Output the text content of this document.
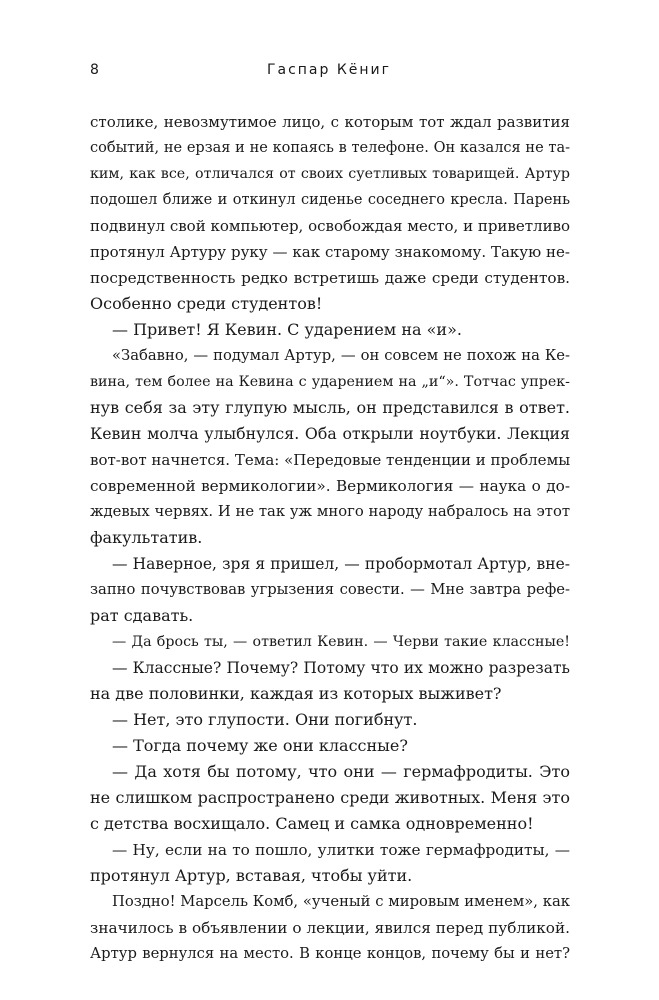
8	Гаспар Кёниг
столике, невозмутимое лицо, с которым тот ждал развития
событий, не ерзая и не копаясь в телефоне. Он казался не та-
ким, как все, отличался от своих суетливых товарищей. Артур
подошел ближе и откинул сиденье соседнего кресла. Парень
подвинул свой компьютер, освобождая место, и приветливо
протянул Артуру руку — как старому знакомому. Такую не-
посредственность редко встретишь даже среди студентов.
Особенно среди студентов!
— Привет! Я Кевин. С ударением на «и».
«Забавно, — подумал Артур, — он совсем не похож на Ке-
вина, тем более на Кевина с ударением на „и“». Тотчас упрек-
нув себя за эту глупую мысль, он представился в ответ.
Кевин молча улыбнулся. Оба открыли ноутбуки. Лекция
вот-вот начнется. Тема: «Передовые тенденции и проблемы
современной вермикологии». Вермикология — наука о до-
ждевых червях. И не так уж много народу набралось на этот
факультатив.
— Наверное, зря я пришел, — пробормотал Артур, вне-
запно почувствовав угрызения совести. — Мне завтра рефе-
рат сдавать.
— Да брось ты, — ответил Кевин. — Черви такие классные!
— Классные? Почему? Потому что их можно разрезать
на две половинки, каждая из которых выживет?
— Нет, это глупости. Они погибнут.
— Тогда почему же они классные?
— Да хотя бы потому, что они — гермафродиты. Это
не слишком распространено среди животных. Меня это
с детства восхищало. Самец и самка одновременно!
— Ну, если на то пошло, улитки тоже гермафродиты, —
протянул Артур, вставая, чтобы уйти.
Поздно! Марсель Комб, «ученый с мировым именем», как
значилось в объявлении о лекции, явился перед публикой.
Артур вернулся на место. В конце концов, почему бы и нет?
